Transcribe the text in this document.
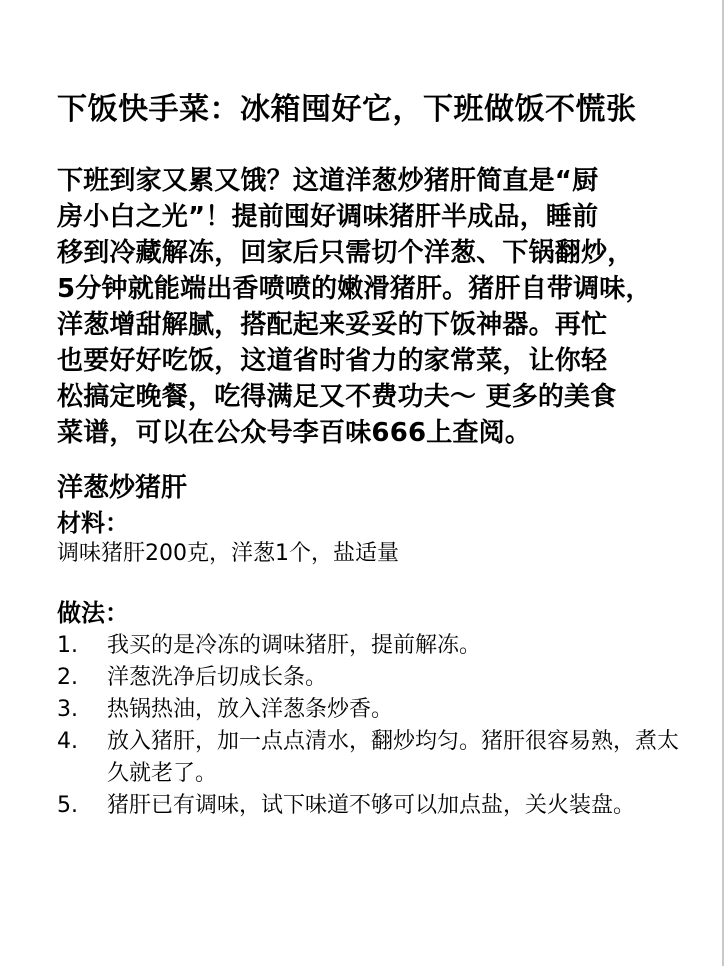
下饭快手菜：冰箱囤好它，下班做饭不慌张
下班到家又累又饿？这道洋葱炒猪肝简直是“厨
房小白之光”！提前囤好调味猪肝半成品，睡前
移到冷藏解冻，回家后只需切个洋葱、下锅翻炒，
5分钟就能端出香喷喷的嫩滑猪肝。猪肝自带调味，
洋葱增甜解腻，搭配起来妥妥的下饭神器。再忙
也要好好吃饭，这道省时省力的家常菜，让你轻
松搞定晚餐，吃得满足又不费功夫～ 更多的美食
菜谱，可以在公众号李百味666上查阅。
洋葱炒猪肝
材料：
调味猪肝200克，洋葱1个，盐适量
做法：
1.	我买的是冷冻的调味猪肝，提前解冻。
2.	洋葱洗净后切成长条。
3.	热锅热油，放入洋葱条炒香。
4.	放入猪肝，加一点点清水，翻炒均匀。猪肝很容易熟，煮太久就老了。
5.	猪肝已有调味，试下味道不够可以加点盐，关火装盘。
